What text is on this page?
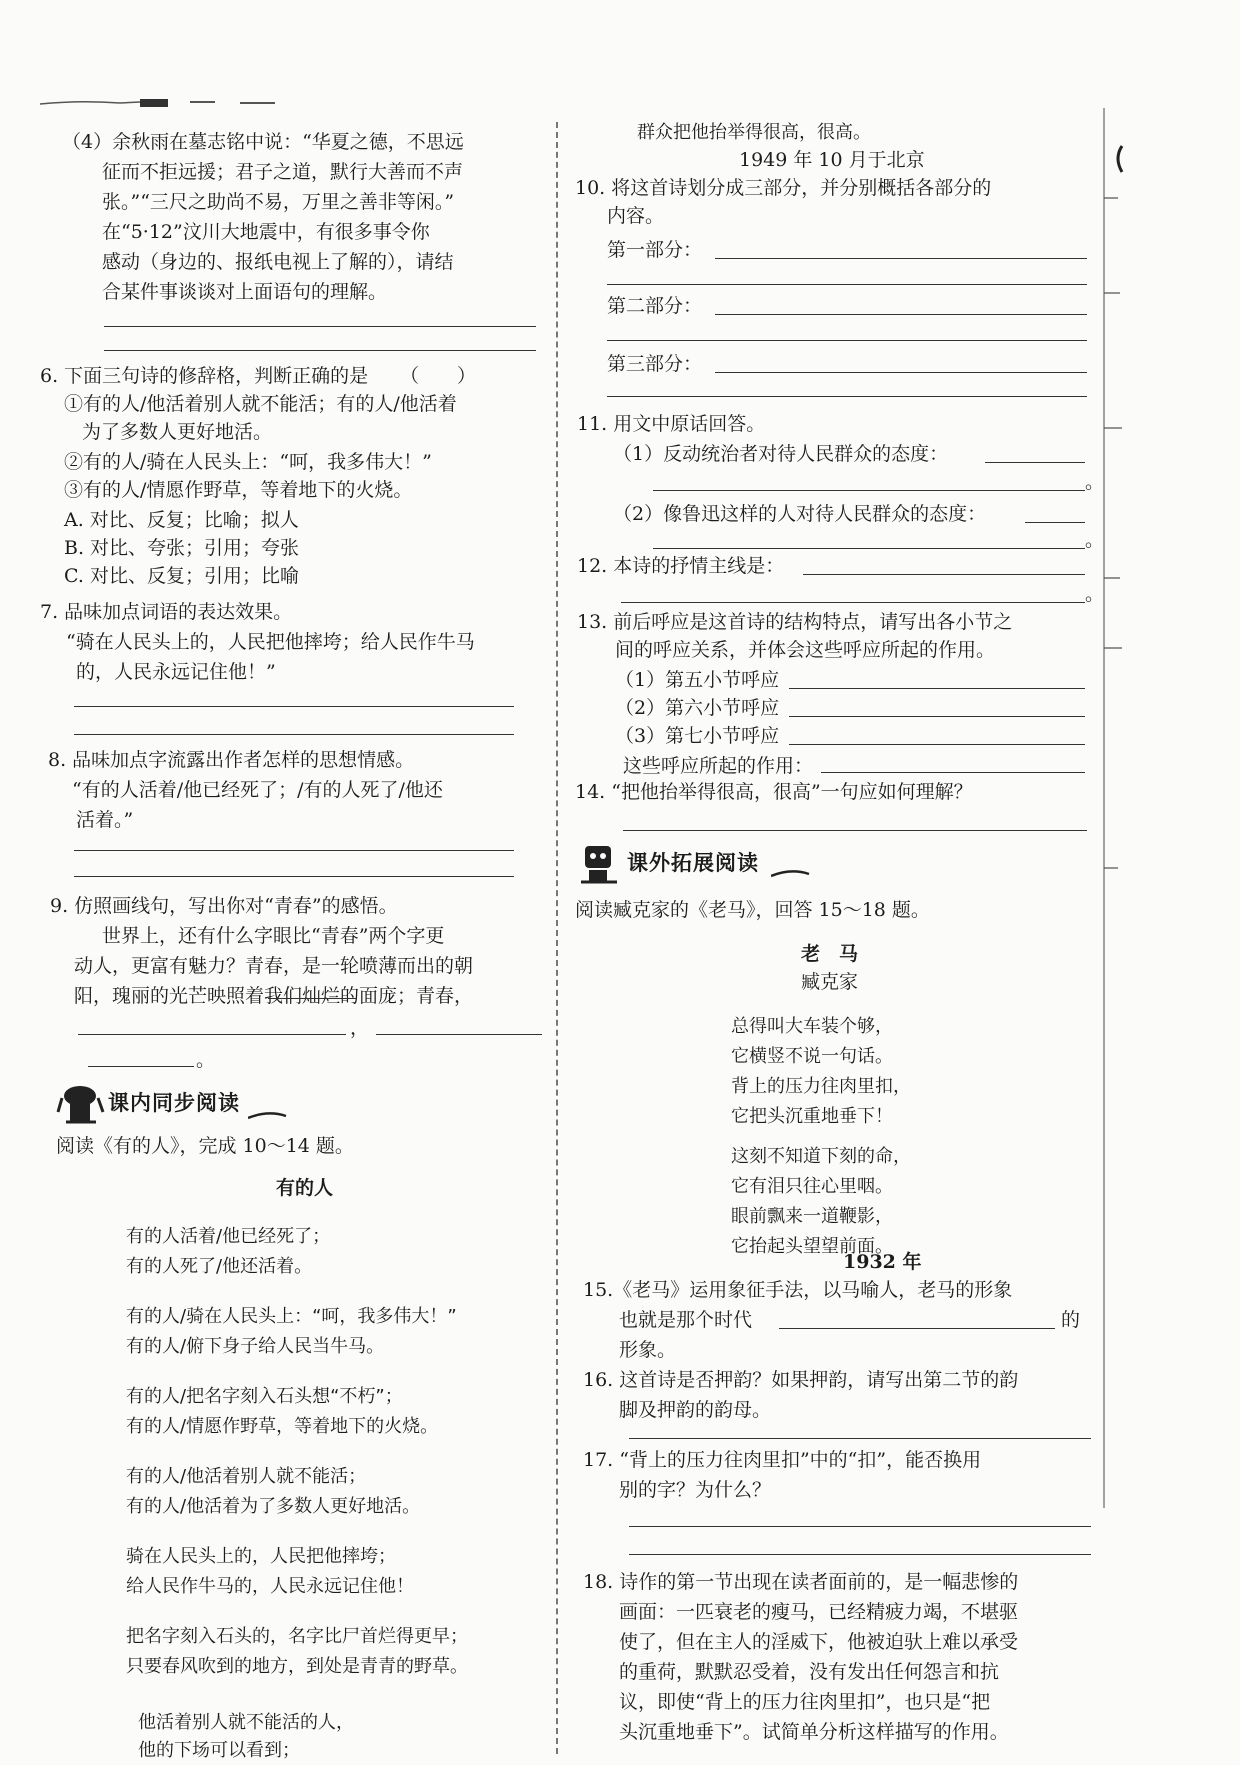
（4）余秋雨在墓志铭中说：“华夏之德，不思远
征而不拒远援；君子之道，默行大善而不声
张。”“三尺之助尚不易，万里之善非等闲。”
在“5·12”汶川大地震中，有很多事令你
感动（身边的、报纸电视上了解的），请结
合某件事谈谈对上面语句的理解。
6. 下面三句诗的修辞格，判断正确的是 （　　）
①有的人/他活着别人就不能活；有的人/他活着
为了多数人更好地活。
②有的人/骑在人民头上：“呵，我多伟大！”
③有的人/情愿作野草，等着地下的火烧。
A. 对比、反复；比喻；拟人
B. 对比、夸张；引用；夸张
C. 对比、反复；引用；比喻
7. 品味加点词语的表达效果。
“骑在人民头上的，人民把他摔垮；给人民作牛马
的，人民永远记住他！”
8. 品味加点字流露出作者怎样的思想情感。
“有的人活着/他已经死了；/有的人死了/他还
活着。”
9. 仿照画线句，写出你对“青春”的感悟。
世界上，还有什么字眼比“青春”两个字更
动人，更富有魅力？青春，是一轮喷薄而出的朝
阳，瑰丽的光芒映照着我们灿烂的面庞；青春，
，
。
课内同步阅读
阅读《有的人》，完成 10～14 题。
有的人
有的人活着/他已经死了；
有的人死了/他还活着。
有的人/骑在人民头上：“呵，我多伟大！”
有的人/俯下身子给人民当牛马。
有的人/把名字刻入石头想“不朽”；
有的人/情愿作野草，等着地下的火烧。
有的人/他活着别人就不能活；
有的人/他活着为了多数人更好地活。
骑在人民头上的，人民把他摔垮；
给人民作牛马的，人民永远记住他！
把名字刻入石头的，名字比尸首烂得更早；
只要春风吹到的地方，到处是青青的野草。
他活着别人就不能活的人，
他的下场可以看到；
群众把他抬举得很高，很高。
1949 年 10 月于北京
10. 将这首诗划分成三部分，并分别概括各部分的
内容。
第一部分：
第二部分：
第三部分：
11. 用文中原话回答。
（1）反动统治者对待人民群众的态度：
。
（2）像鲁迅这样的人对待人民群众的态度：
。
12. 本诗的抒情主线是：
。
13. 前后呼应是这首诗的结构特点，请写出各小节之
间的呼应关系，并体会这些呼应所起的作用。
（1）第五小节呼应
（2）第六小节呼应
（3）第七小节呼应
这些呼应所起的作用：
14. “把他抬举得很高，很高”一句应如何理解？
课外拓展阅读
阅读臧克家的《老马》，回答 15～18 题。
老　马
臧克家
总得叫大车装个够，
它横竖不说一句话。
背上的压力往肉里扣，
它把头沉重地垂下！
这刻不知道下刻的命，
它有泪只往心里咽。
眼前飘来一道鞭影，
它抬起头望望前面。
1932 年
15.《老马》运用象征手法，以马喻人，老马的形象
也就是那个时代	的
形象。
16. 这首诗是否押韵？如果押韵，请写出第二节的韵
脚及押韵的韵母。
17. “背上的压力往肉里扣”中的“扣”，能否换用
别的字？为什么？
18. 诗作的第一节出现在读者面前的，是一幅悲惨的
画面：一匹衰老的瘦马，已经精疲力竭，不堪驱
使了，但在主人的淫威下，他被迫驮上难以承受
的重荷，默默忍受着，没有发出任何怨言和抗
议，即使“背上的压力往肉里扣”，也只是“把
头沉重地垂下”。试简单分析这样描写的作用。
